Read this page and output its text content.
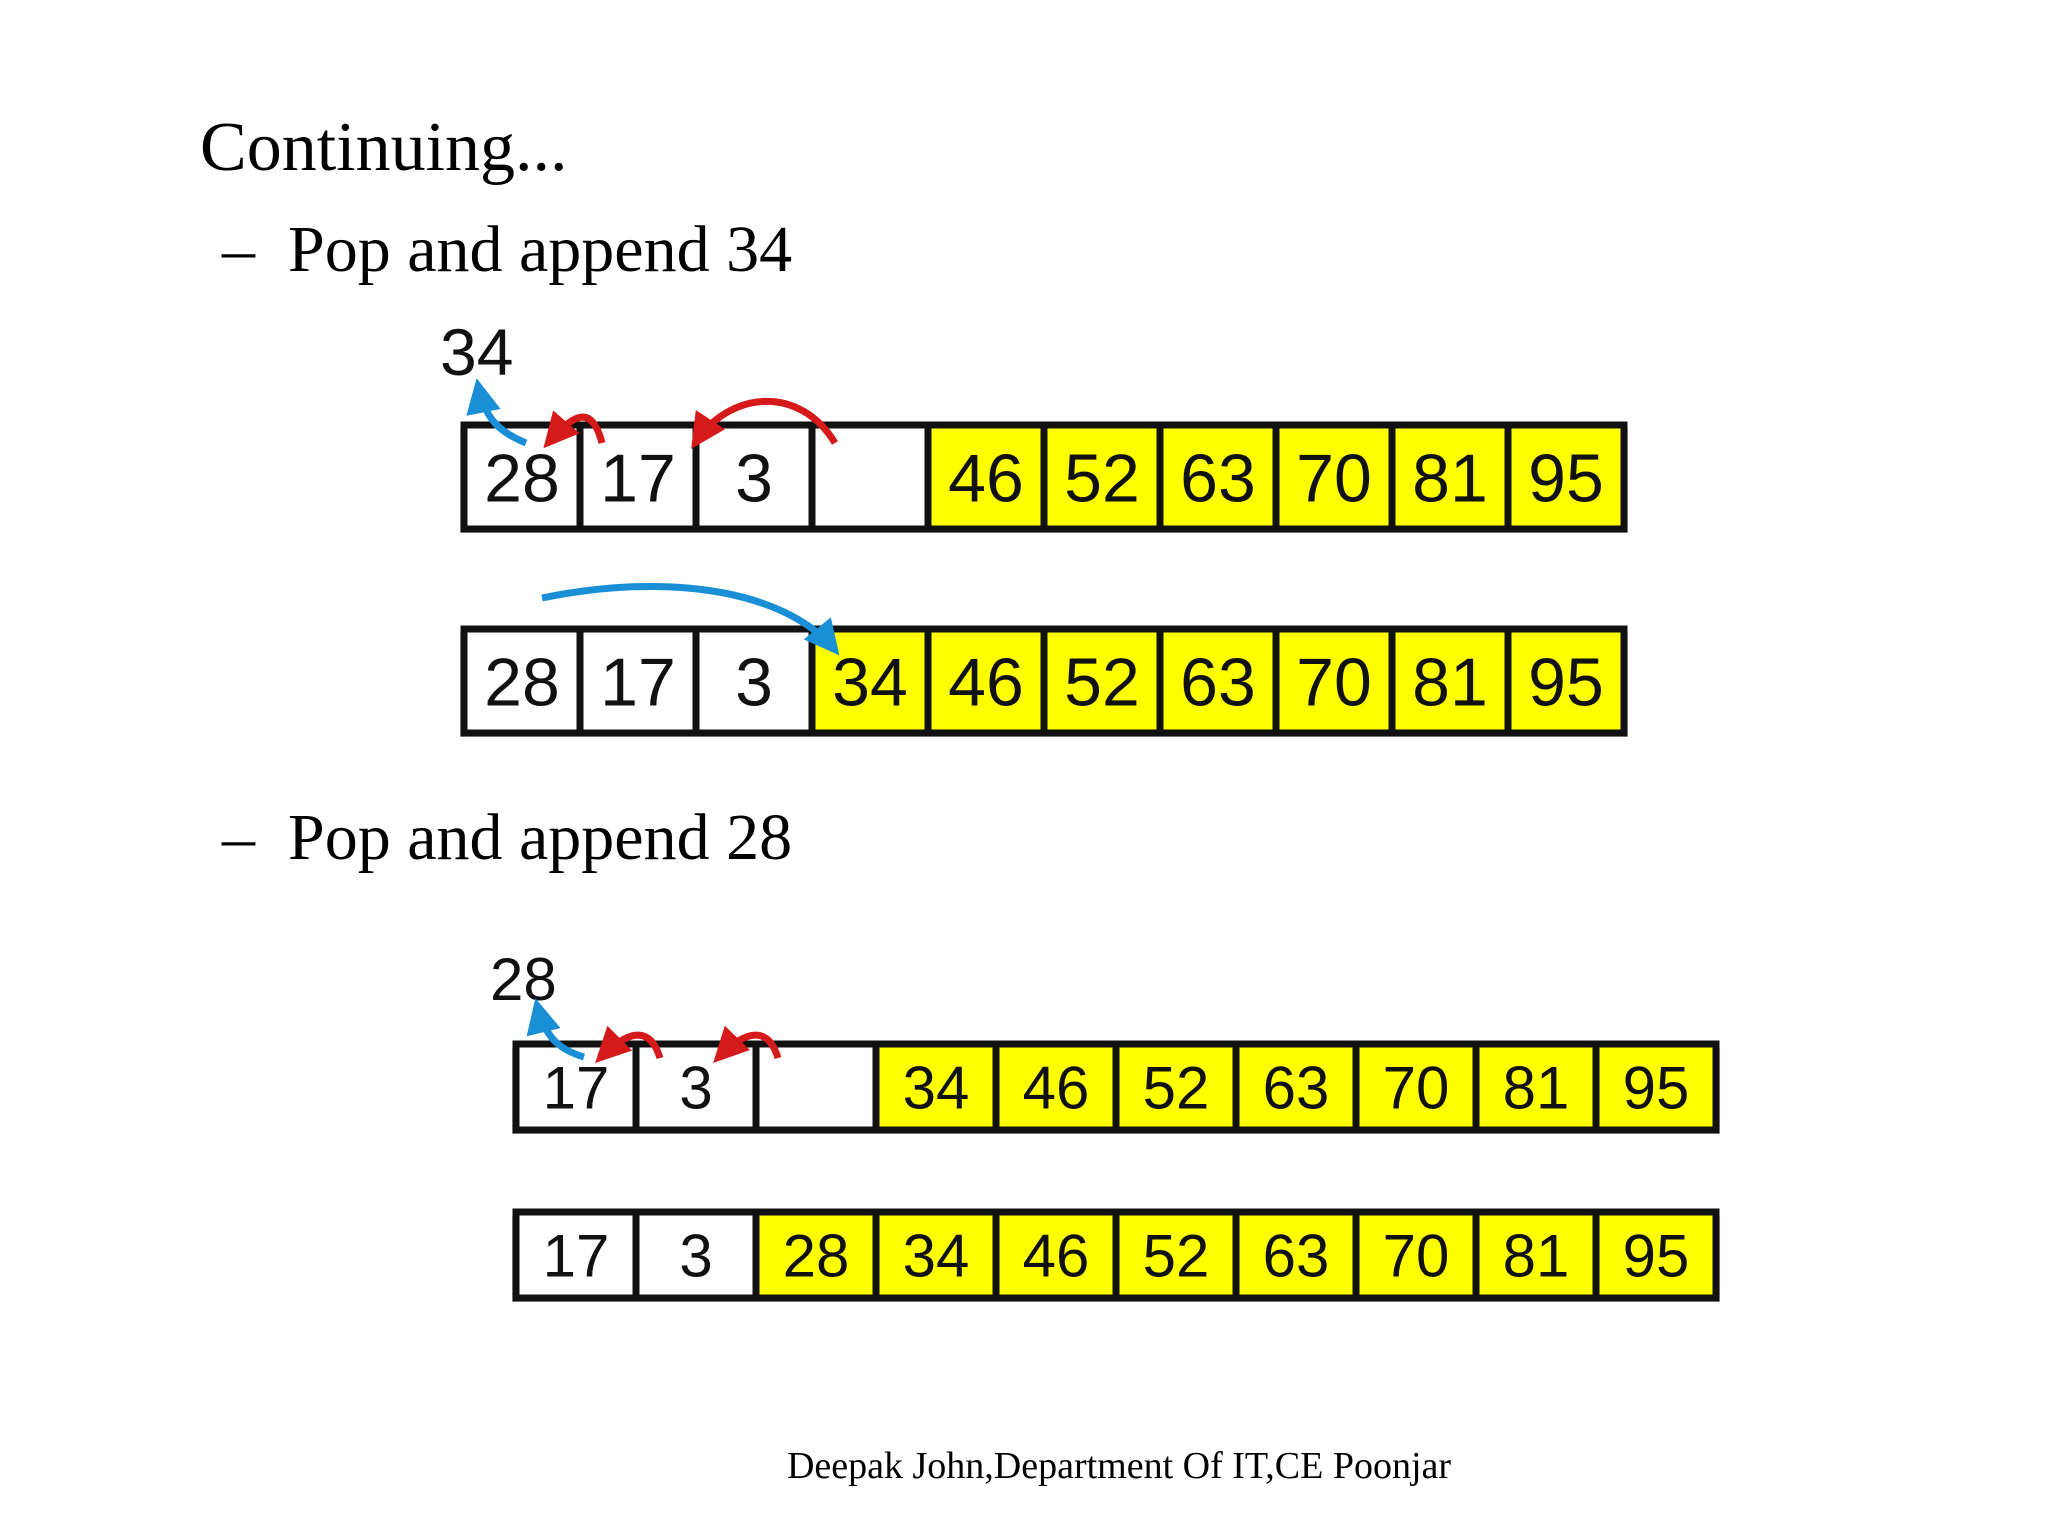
Continuing...
– Pop and append 34
– Pop and append 28
34
28 17 3	46 52 63 70 81 95
28 17 3 34 46 52 63 70 81 95
28
17 3	34 46 52 63 70 81 95
17 3 28 34 46 52 63 70 81 95
Deepak John,Department Of IT,CE Poonjar
